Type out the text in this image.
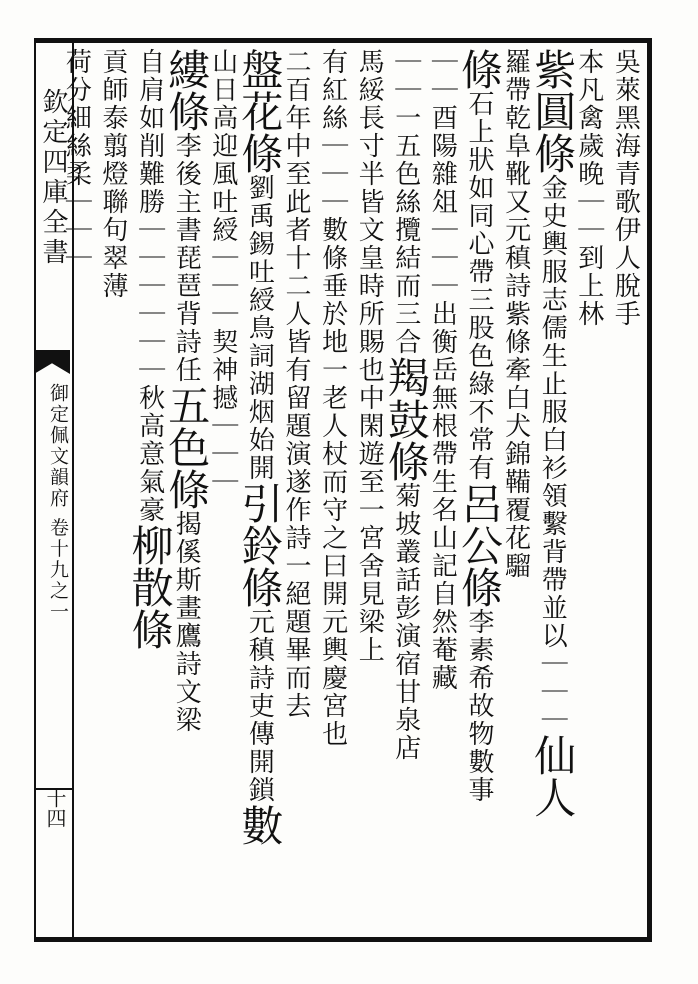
欽定四庫全書
御定佩文韻府 卷十九之一
十四
吳萊黑海青歌伊人脫手
本凡禽歲晚｜｜到上林
紫圓條金史輿服志儒生止服白衫領繫背帶並以｜｜｜仙人
羅帶乾阜靴又元稹詩紫條牽白犬錦鞴覆花騮
條石上狀如同心帶三股色綠不常有呂公條李素希故物數事
｜｜酉陽雜俎｜｜｜出衡岳無根帶生名山記自然菴藏
｜｜一五色絲攬結而三合羯鼓條菊坡叢話彭演宿甘泉店
馬綏長寸半皆文皇時所賜也中閑遊至一宮舍見梁上
有紅絲｜｜｜數條垂於地一老人杖而守之曰開元輿慶宮也
二百年中至此者十二人皆有留題演遂作詩一絕題畢而去
盤花條劉禹錫吐綬鳥詞湖烟始開引鈴條元稹詩吏傳開鎖數
山日高迎風吐綬｜｜｜契神撼｜｜｜
縷條李後主書琵琶背詩任五色條揭傒斯畫鷹詩文梁
自肩如削難勝｜｜｜｜｜｜秋高意氣豪柳散條
貢師泰翦燈聯句翠薄
荷分細絲柔｜｜｜
